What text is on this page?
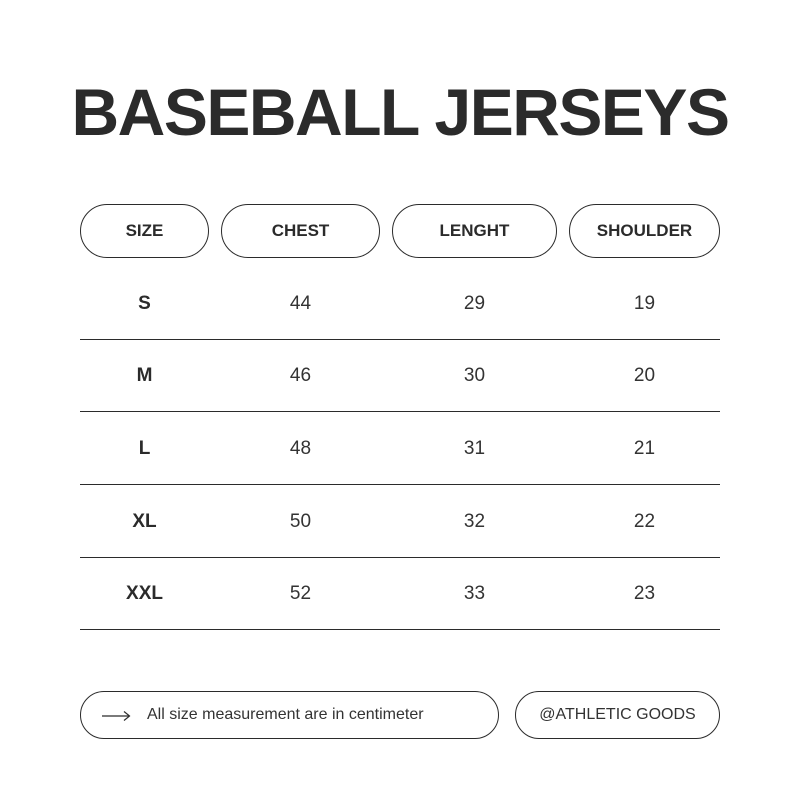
BASEBALL JERSEYS
SIZE	CHEST	LENGHT	SHOULDER
S	44	29	19
M	46	30	20
L	48	31	21
XL	50	32	22
XXL	52	33	23
All size measurement are in centimeter	@ATHLETIC GOODS
